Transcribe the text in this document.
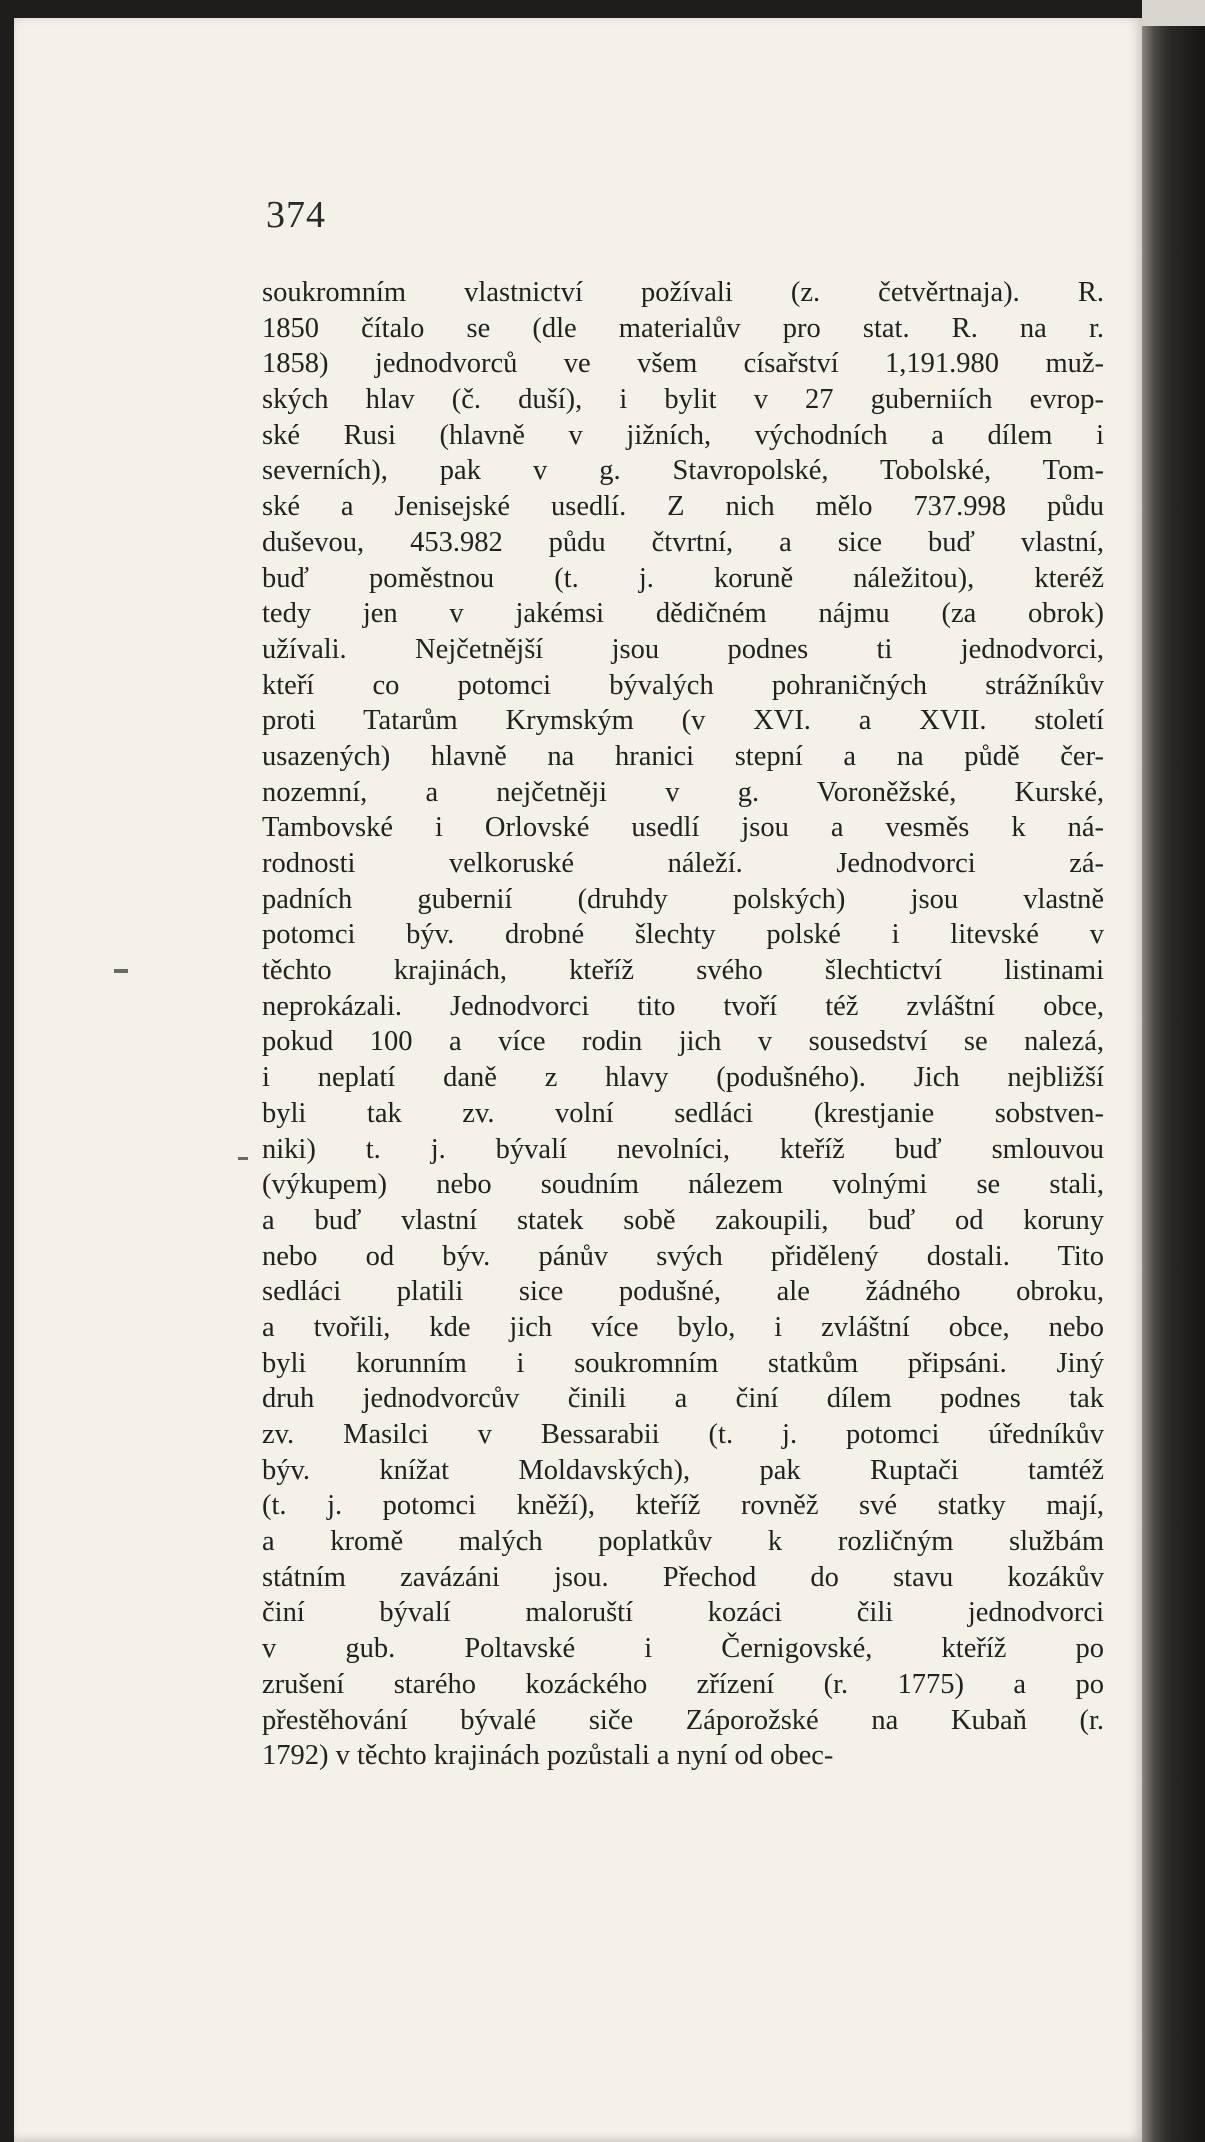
374
soukromním vlastnictví požívali (z. četvěrtnaja). R.
1850 čítalo se (dle materialův pro stat. R. na r.
1858) jednodvorců ve všem císařství 1,191.980 muž-
ských hlav (č. duší), i bylit v 27 guberniích evrop-
ské Rusi (hlavně v jižních, východních a dílem i
severních), pak v g. Stavropolské, Tobolské, Tom-
ské a Jenisejské usedlí. Z nich mělo 737.998 půdu
duševou, 453.982 půdu čtvrtní, a sice buď vlastní,
buď poměstnou (t. j. koruně náležitou), kteréž
tedy jen v jakémsi dědičném nájmu (za obrok)
užívali. Nejčetnější jsou podnes ti jednodvorci,
kteří co potomci bývalých pohraničných strážníkův
proti Tatarům Krymským (v XVI. a XVII. století
usazených) hlavně na hranici stepní a na půdě čer-
nozemní, a nejčetněji v g. Voroněžské, Kurské,
Tambovské i Orlovské usedlí jsou a vesměs k ná-
rodnosti velkoruské náleží. Jednodvorci zá-
padních gubernií (druhdy polských) jsou vlastně
potomci býv. drobné šlechty polské i litevské v
těchto krajinách, kteříž svého šlechtictví listinami
neprokázali. Jednodvorci tito tvoří též zvláštní obce,
pokud 100 a více rodin jich v sousedství se nalezá,
i neplatí daně z hlavy (podušného). Jich nejbližší
byli tak zv. volní sedláci (krestjanie sobstven-
niki) t. j. bývalí nevolníci, kteříž buď smlouvou
(výkupem) nebo soudním nálezem volnými se stali,
a buď vlastní statek sobě zakoupili, buď od koruny
nebo od býv. pánův svých přidělený dostali. Tito
sedláci platili sice podušné, ale žádného obroku,
a tvořili, kde jich více bylo, i zvláštní obce, nebo
byli korunním i soukromním statkům připsáni. Jiný
druh jednodvorcův činili a činí dílem podnes tak
zv. Masilci v Bessarabii (t. j. potomci úředníkův
býv. knížat Moldavských), pak Ruptači tamtéž
(t. j. potomci kněží), kteříž rovněž své statky mají,
a kromě malých poplatkův k rozličným službám
státním zavázáni jsou. Přechod do stavu kozákův
činí bývalí maloruští kozáci čili jednodvorci
v gub. Poltavské i Černigovské, kteříž po
zrušení starého kozáckého zřízení (r. 1775) a po
přestěhování bývalé siče Záporožské na Kubaň (r.
1792) v těchto krajinách pozůstali a nyní od obec-
